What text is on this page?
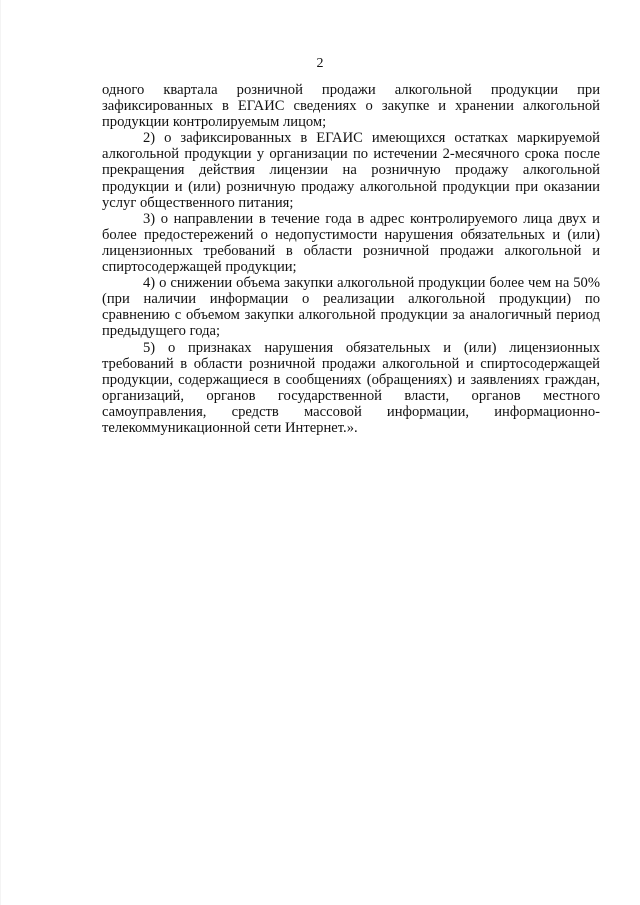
2

одного квартала розничной продажи алкогольной продукции при зафиксированных в ЕГАИС сведениях о закупке и хранении алкогольной продукции контролируемым лицом;

2) о зафиксированных в ЕГАИС имеющихся остатках маркируемой алкогольной продукции у организации по истечении 2-месячного срока после прекращения действия лицензии на розничную продажу алкогольной продукции и (или) розничную продажу алкогольной продукции при оказании услуг общественного питания;

3) о направлении в течение года в адрес контролируемого лица двух и более предостережений о недопустимости нарушения обязательных и (или) лицензионных требований в области розничной продажи алкогольной и спиртосодержащей продукции;

4) о снижении объема закупки алкогольной продукции более чем на 50% (при наличии информации о реализации алкогольной продукции) по сравнению с объемом закупки алкогольной продукции за аналогичный период предыдущего года;

5) о признаках нарушения обязательных и (или) лицензионных требований в области розничной продажи алкогольной и спиртосодержащей продукции, содержащиеся в сообщениях (обращениях) и заявлениях граждан, организаций, органов государственной власти, органов местного самоуправления, средств массовой информации, информационно-телекоммуникационной сети Интернет.».
